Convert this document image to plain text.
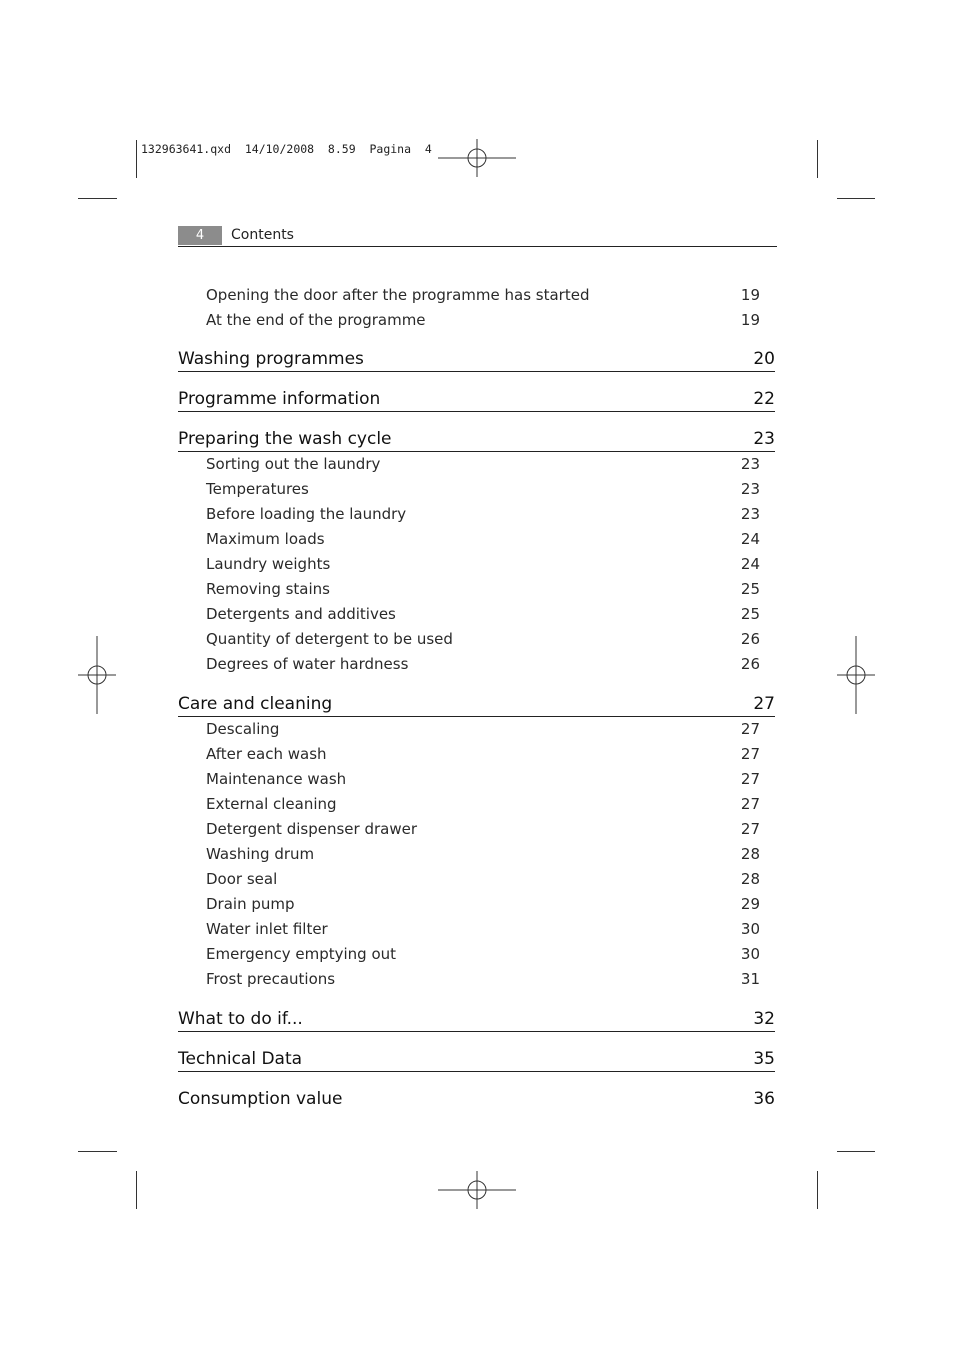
132963641.qxd  14/10/2008  8.59  Pagina  4
4	Contents
Opening the door after the programme has started	19
At the end of the programme	19
Washing programmes	20
Programme information	22
Preparing the wash cycle	23
Sorting out the laundry	23
Temperatures	23
Before loading the laundry	23
Maximum loads	24
Laundry weights	24
Removing stains	25
Detergents and additives	25
Quantity of detergent to be used	26
Degrees of water hardness	26
Care and cleaning	27
Descaling	27
After each wash	27
Maintenance wash	27
External cleaning	27
Detergent dispenser drawer	27
Washing drum	28
Door seal	28
Drain pump	29
Water inlet filter	30
Emergency emptying out	30
Frost precautions	31
What to do if...	32
Technical Data	35
Consumption value	36
